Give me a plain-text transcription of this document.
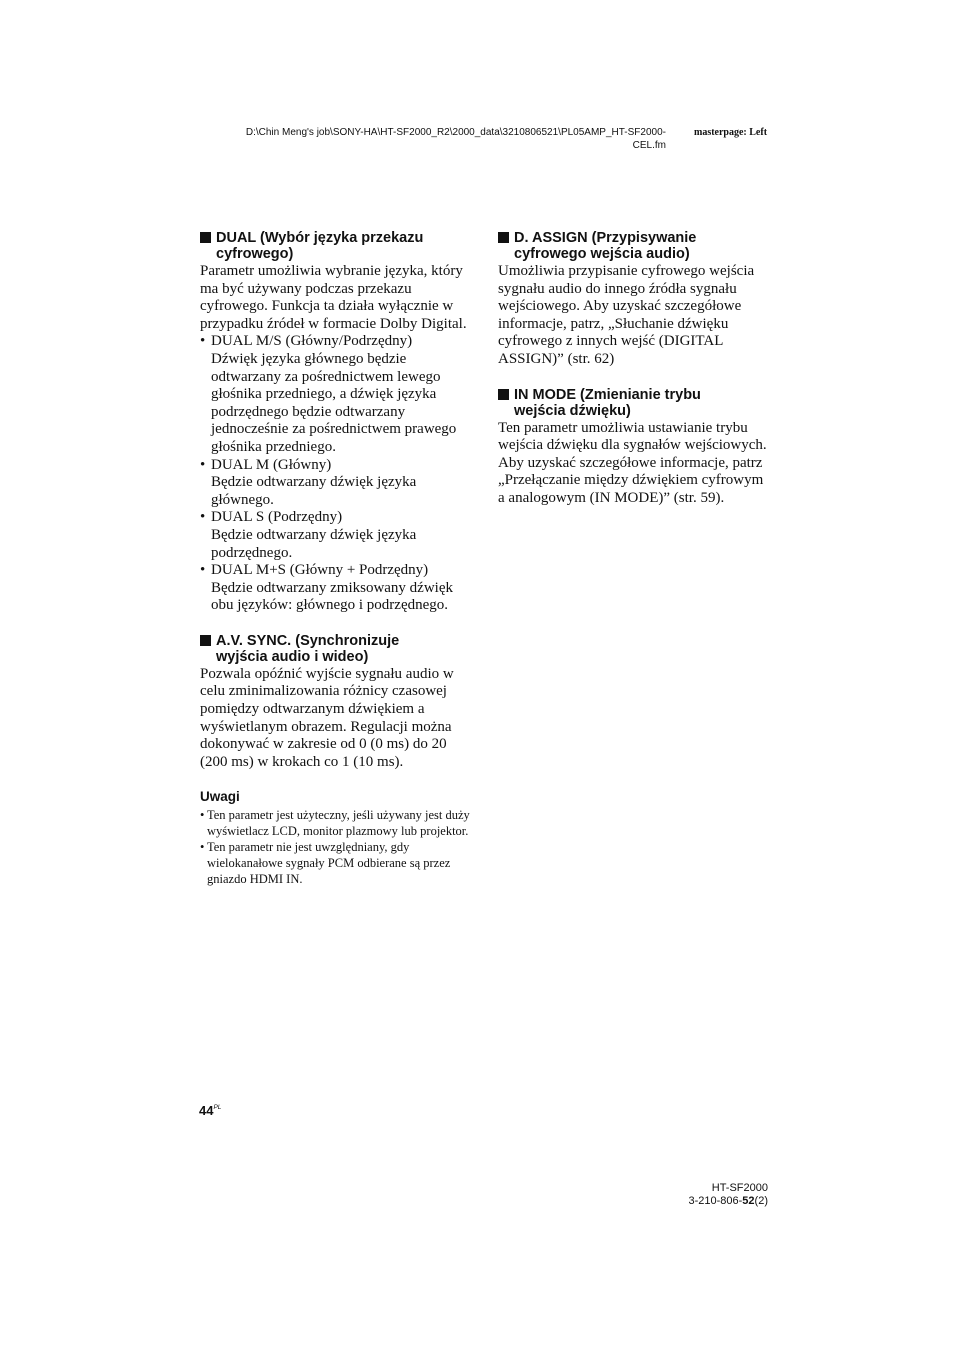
D:\Chin Meng's job\SONY-HA\HT-SF2000_R2\2000_data\3210806521\PL05AMP_HT-SF2000-
CEL.fm
masterpage: Left
DUAL (Wybór języka przekazu
cyfrowego)

Parametr umożliwia wybranie języka, który ma być używany podczas przekazu cyfrowego. Funkcja ta działa wyłącznie w przypadku źródeł w formacie Dolby Digital.

• DUAL M/S (Główny/Podrzędny)
Dźwięk języka głównego będzie odtwarzany za pośrednictwem lewego głośnika przedniego, a dźwięk języka podrzędnego będzie odtwarzany jednocześnie za pośrednictwem prawego głośnika przedniego.
• DUAL M (Główny)
Będzie odtwarzany dźwięk języka głównego.
• DUAL S (Podrzędny)
Będzie odtwarzany dźwięk języka podrzędnego.
• DUAL M+S (Główny + Podrzędny)
Będzie odtwarzany zmiksowany dźwięk obu języków: głównego i podrzędnego.
A.V. SYNC. (Synchronizuje
wyjścia audio i wideo)

Pozwala opóźnić wyjście sygnału audio w celu zminimalizowania różnicy czasowej pomiędzy odtwarzanym dźwiękiem a wyświetlanym obrazem. Regulacji można dokonywać w zakresie od 0 (0 ms) do 20 (200 ms) w krokach co 1 (10 ms).

Uwagi
• Ten parametr jest użyteczny, jeśli używany jest duży wyświetlacz LCD, monitor plazmowy lub projektor.
• Ten parametr nie jest uwzględniany, gdy wielokanałowe sygnały PCM odbierane są przez gniazdo HDMI IN.
D. ASSIGN (Przypisywanie
cyfrowego wejścia audio)

Umożliwia przypisanie cyfrowego wejścia sygnału audio do innego źródła sygnału wejściowego. Aby uzyskać szczegółowe informacje, patrz, „Słuchanie dźwięku cyfrowego z innych wejść (DIGITAL ASSIGN)” (str. 62)

IN MODE (Zmienianie trybu
wejścia dźwięku)

Ten parametr umożliwia ustawianie trybu wejścia dźwięku dla sygnałów wejściowych. Aby uzyskać szczegółowe informacje, patrz „Przełączanie między dźwiękiem cyfrowym a analogowym (IN MODE)” (str. 59).

$44^{PL}$
HT-SF2000
3-210-806-52(2)
